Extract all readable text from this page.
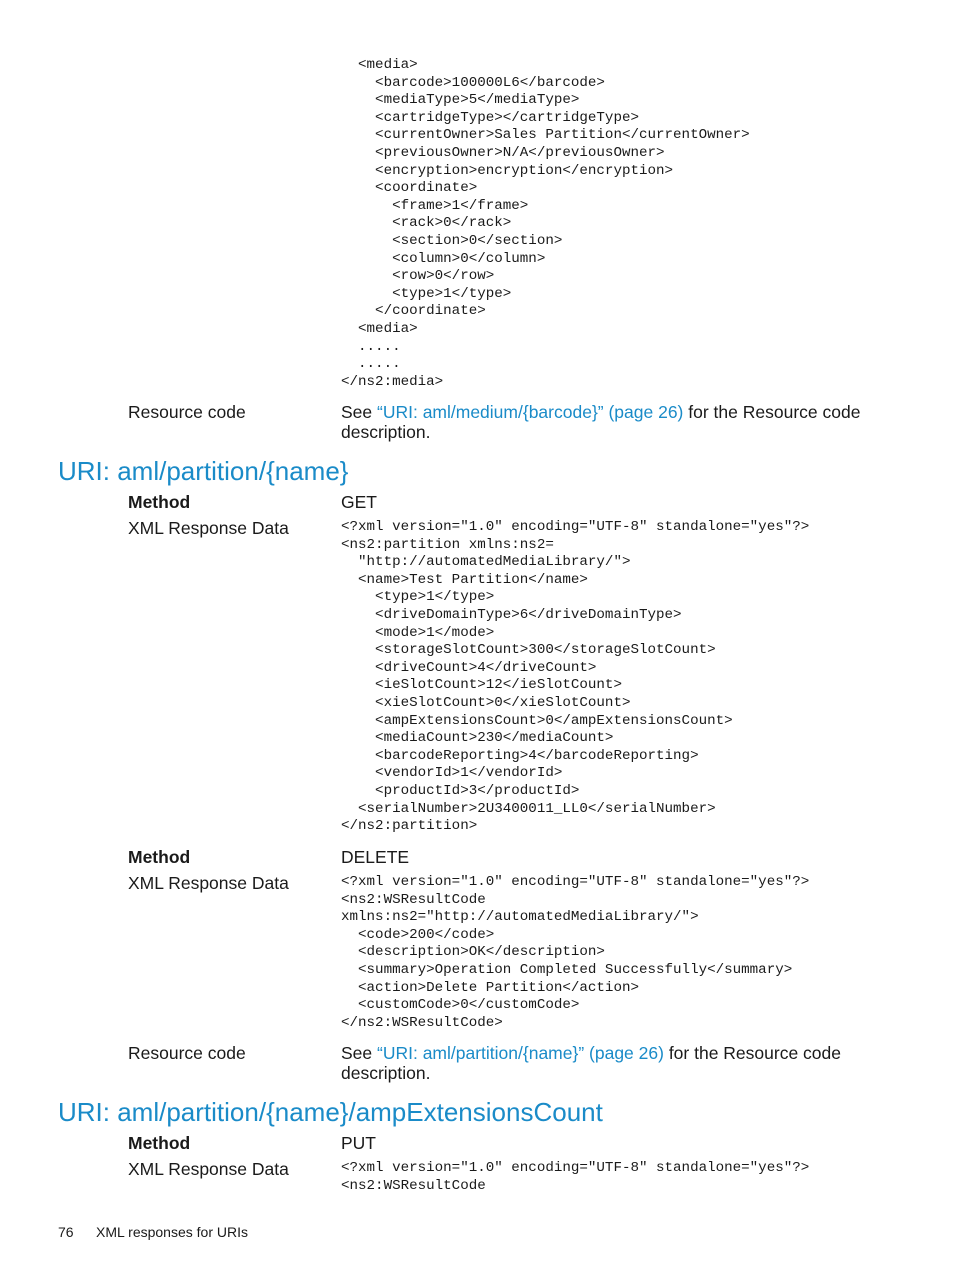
<media>
<barcode>100000L6</barcode>
<mediaType>5</mediaType>
<cartridgeType></cartridgeType>
<currentOwner>Sales Partition</currentOwner>
<previousOwner>N/A</previousOwner>
<encryption>encryption</encryption>
<coordinate>
<frame>1</frame>
<rack>0</rack>
<section>0</section>
<column>0</column>
<row>0</row>
<type>1</type>
</coordinate>
<media>
.....
.....
</ns2:media>
Resource code	See “URI: aml/medium/{barcode}” (page 26) for the Resource code
description.
URI: aml/partition/{name}
Method	GET
XML Response Data	<?xml version="1.0" encoding="UTF-8" standalone="yes"?>
<ns2:partition xmlns:ns2=
"http://automatedMediaLibrary/">
<name>Test Partition</name>
<type>1</type>
<driveDomainType>6</driveDomainType>
<mode>1</mode>
<storageSlotCount>300</storageSlotCount>
<driveCount>4</driveCount>
<ieSlotCount>12</ieSlotCount>
<xieSlotCount>0</xieSlotCount>
<ampExtensionsCount>0</ampExtensionsCount>
<mediaCount>230</mediaCount>
<barcodeReporting>4</barcodeReporting>
<vendorId>1</vendorId>
<productId>3</productId>
<serialNumber>2U3400011_LL0</serialNumber>
</ns2:partition>
Method	DELETE
XML Response Data	<?xml version="1.0" encoding="UTF-8" standalone="yes"?>
<ns2:WSResultCode
xmlns:ns2="http://automatedMediaLibrary/">
<code>200</code>
<description>OK</description>
<summary>Operation Completed Successfully</summary>
<action>Delete Partition</action>
<customCode>0</customCode>
</ns2:WSResultCode>
Resource code	See “URI: aml/partition/{name}” (page 26) for the Resource code
description.
URI: aml/partition/{name}/ampExtensionsCount
Method	PUT
XML Response Data	<?xml version="1.0" encoding="UTF-8" standalone="yes"?>
<ns2:WSResultCode
76 XML responses for URIs
